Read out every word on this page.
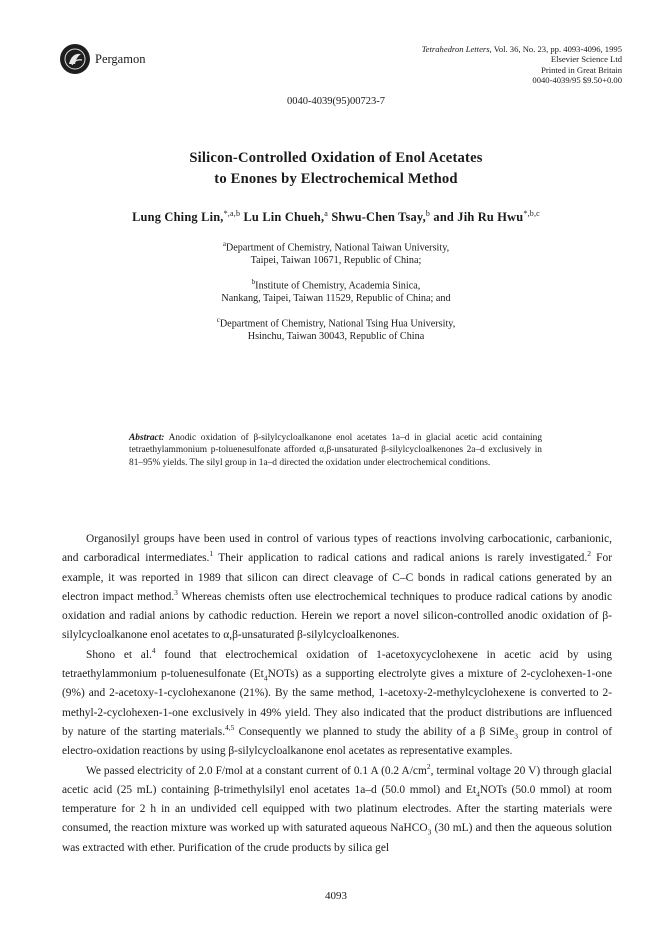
Pergamon
Tetrahedron Letters, Vol. 36, No. 23, pp. 4093-4096, 1995
Elsevier Science Ltd
Printed in Great Britain
0040-4039/95 $9.50+0.00
0040-4039(95)00723-7
Silicon-Controlled Oxidation of Enol Acetates
to Enones by Electrochemical Method
Lung Ching Lin,$^{*,a,b}$ Lu Lin Chueh,$^a$ Shwu-Chen Tsay,$^b$ and Jih Ru Hwu$^{*,b,c}$
$^a$Department of Chemistry, National Taiwan University,
Taipei, Taiwan 10671, Republic of China;
$^b$Institute of Chemistry, Academia Sinica,
Nankang, Taipei, Taiwan 11529, Republic of China; and
$^c$Department of Chemistry, National Tsing Hua University,
Hsinchu, Taiwan 30043, Republic of China
Abstract: Anodic oxidation of β-silylcycloalkanone enol acetates 1a–d in glacial acetic acid containing tetraethylammonium p-toluenesulfonate afforded α,β-unsaturated β-silylcycloalkenones 2a–d exclusively in 81–95% yields. The silyl group in 1a–d directed the oxidation under electrochemical conditions.

Organosilyl groups have been used in control of various types of reactions involving carbocationic, carbanionic, and carboradical intermediates.$^1$ Their application to radical cations and radical anions is rarely investigated.$^2$ For example, it was reported in 1989 that silicon can direct cleavage of C–C bonds in radical cations generated by an electron impact method.$^3$ Whereas chemists often use electrochemical techniques to produce radical cations by anodic oxidation and radial anions by cathodic reduction. Herein we report a novel silicon-controlled anodic oxidation of β-silylcycloalkanone enol acetates to α,β-unsaturated β-silylcycloalkenones.

Shono et al.$^4$ found that electrochemical oxidation of 1-acetoxycyclohexene in acetic acid by using tetraethylammonium p-toluenesulfonate $(Et_4NOTs)$ as a supporting electrolyte gives a mixture of 2-cyclohexen-1-one (9%) and 2-acetoxy-1-cyclohexanone (21%). By the same method, 1-acetoxy-2-methylcyclohexene is converted to 2-methyl-2-cyclohexen-1-one exclusively in 49% yield. They also indicated that the product distributions are influenced by nature of the starting materials.$^{4,5}$ Consequently we planned to study the ability of a β SiMe$_3$ group in control of electro-oxidation reactions by using β-silylcycloalkanone enol acetates as representative examples.

We passed electricity of 2.0 F/mol at a constant current of 0.1 A (0.2 $A/cm^2$, terminal voltage 20 V) through glacial acetic acid (25 mL) containing β-trimethylsilyl enol acetates 1a–d (50.0 mmol) and $Et_4NOTs$ (50.0 mmol) at room temperature for 2 h in an undivided cell equipped with two platinum electrodes. After the starting materials were consumed, the reaction mixture was worked up with saturated aqueous NaHCO$_3$ (30 mL) and then the aqueous solution was extracted with ether. Purification of the crude products by silica gel

4093
